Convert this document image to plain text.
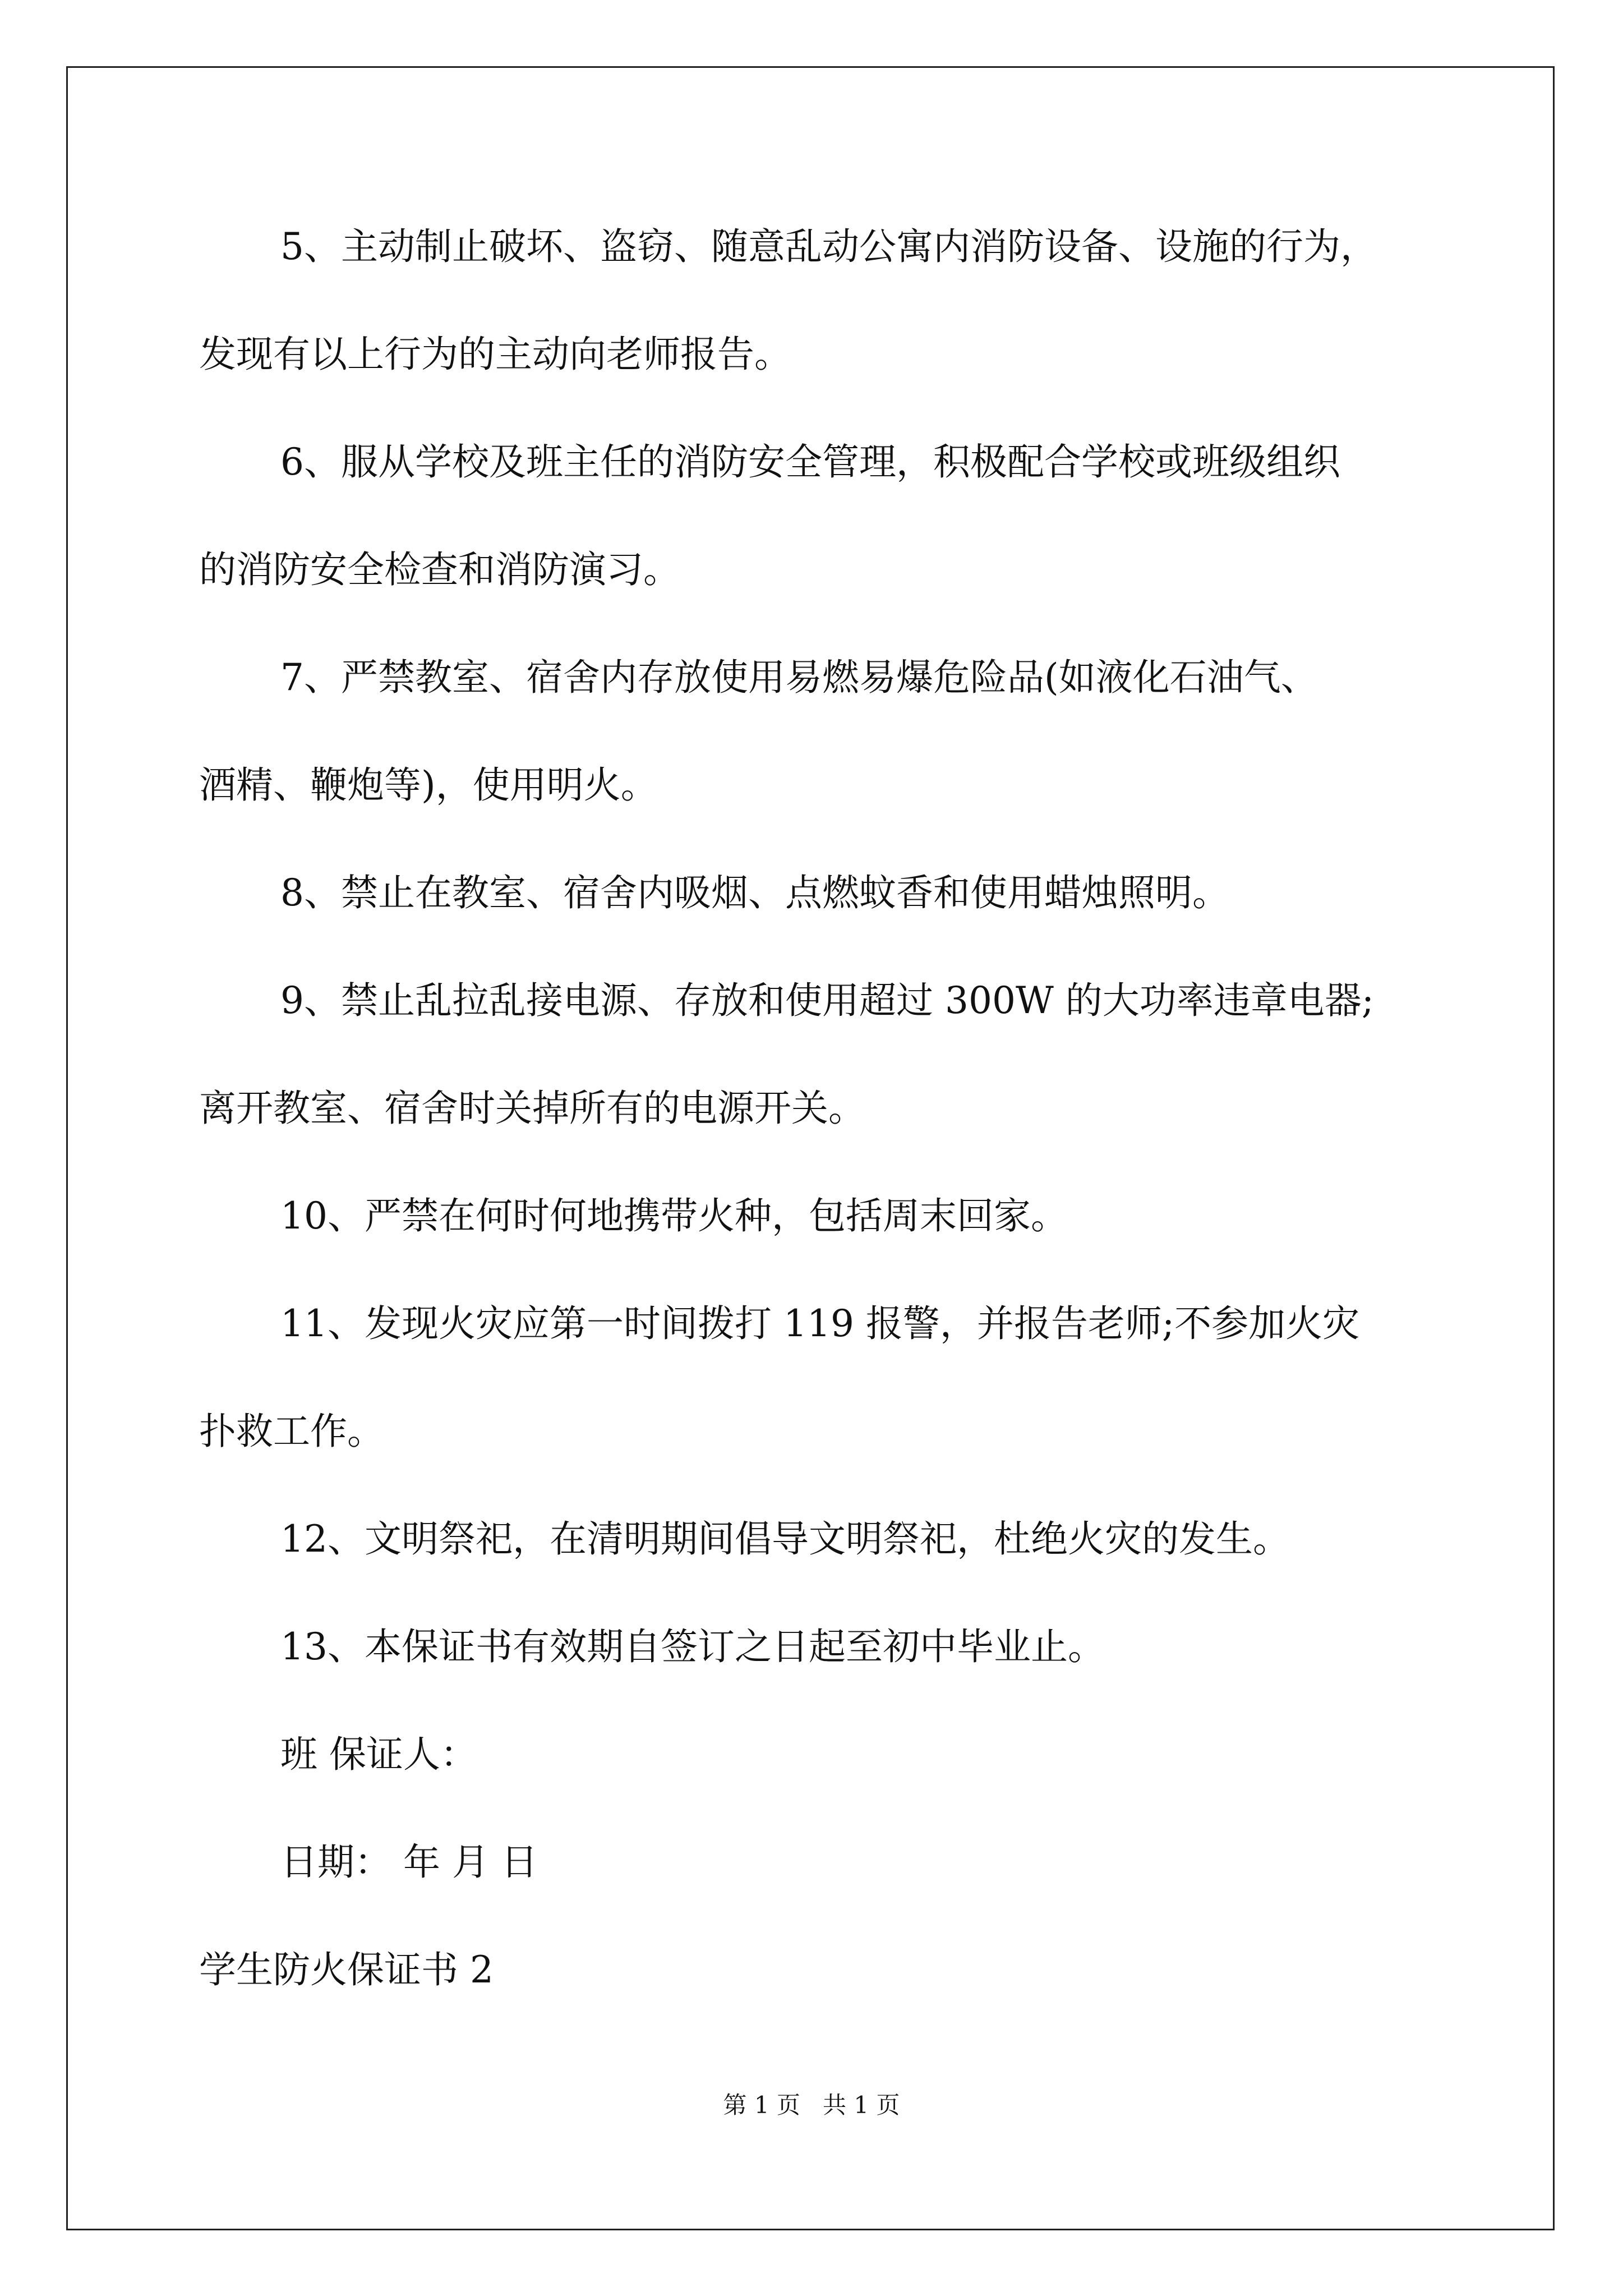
5、主动制止破坏、盗窃、随意乱动公寓内消防设备、设施的行为，
发现有以上行为的主动向老师报告。
6、服从学校及班主任的消防安全管理，积极配合学校或班级组织
的消防安全检查和消防演习。
7、严禁教室、宿舍内存放使用易燃易爆危险品(如液化石油气、
酒精、鞭炮等)，使用明火。
8、禁止在教室、宿舍内吸烟、点燃蚊香和使用蜡烛照明。
9、禁止乱拉乱接电源、存放和使用超过 300W 的大功率违章电器;
离开教室、宿舍时关掉所有的电源开关。
10、严禁在何时何地携带火种，包括周末回家。
11、发现火灾应第一时间拨打 119 报警，并报告老师;不参加火灾
扑救工作。
12、文明祭祀，在清明期间倡导文明祭祀，杜绝火灾的发生。
13、本保证书有效期自签订之日起至初中毕业止。
班 保证人：
日期： 年 月 日
学生防火保证书 2
第 1 页   共 1 页
